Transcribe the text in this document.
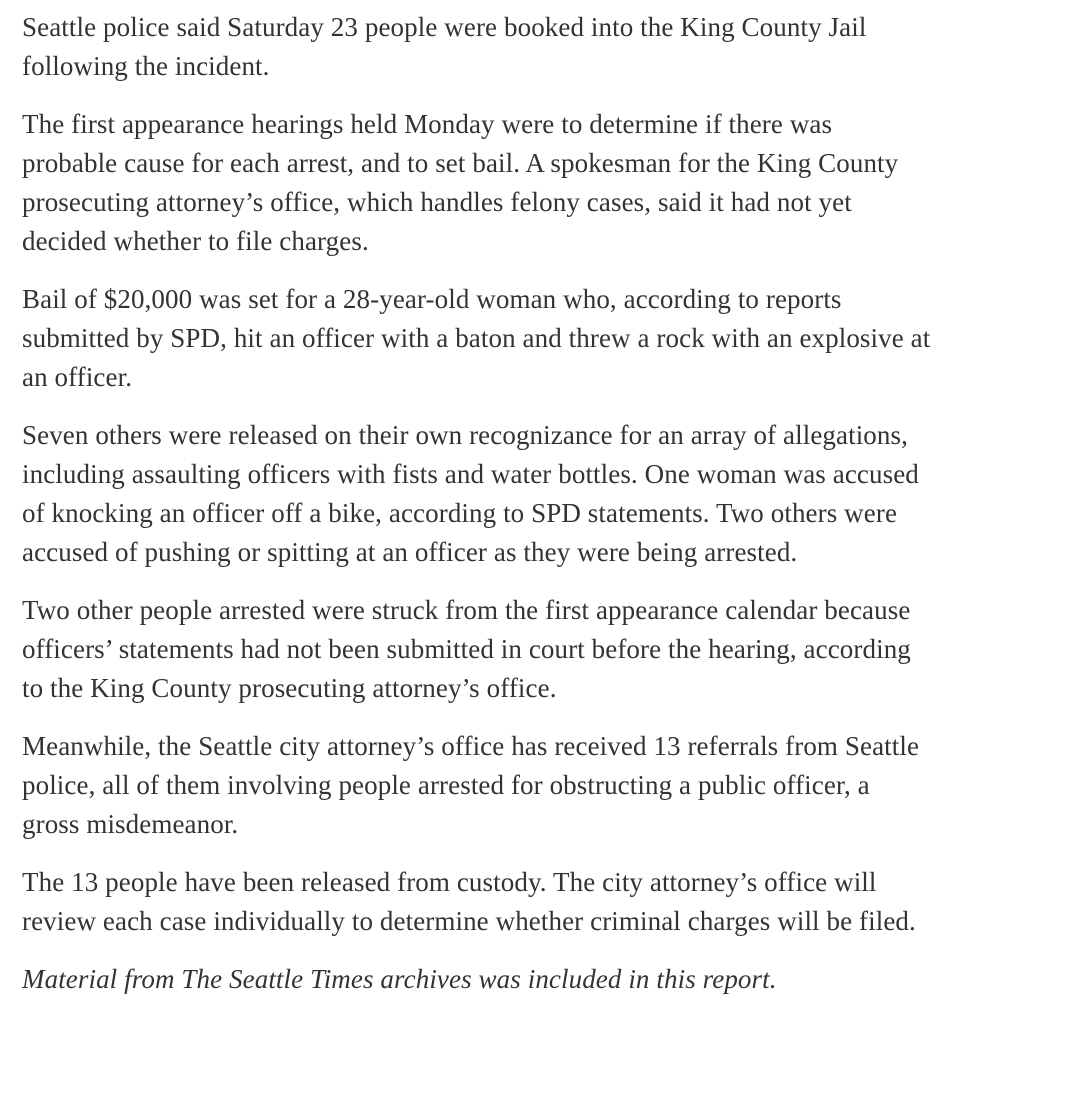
Seattle police said Saturday 23 people were booked into the King County Jail following the incident.

The first appearance hearings held Monday were to determine if there was probable cause for each arrest, and to set bail. A spokesman for the King County prosecuting attorney’s office, which handles felony cases, said it had not yet decided whether to file charges.

Bail of $20,000 was set for a 28-year-old woman who, according to reports submitted by SPD, hit an officer with a baton and threw a rock with an explosive at an officer.

Seven others were released on their own recognizance for an array of allegations, including assaulting officers with fists and water bottles. One woman was accused of knocking an officer off a bike, according to SPD statements. Two others were accused of pushing or spitting at an officer as they were being arrested.

Two other people arrested were struck from the first appearance calendar because officers’ statements had not been submitted in court before the hearing, according to the King County prosecuting attorney’s office.

Meanwhile, the Seattle city attorney’s office has received 13 referrals from Seattle police, all of them involving people arrested for obstructing a public officer, a gross misdemeanor.

The 13 people have been released from custody. The city attorney’s office will review each case individually to determine whether criminal charges will be filed.

Material from The Seattle Times archives was included in this report.
